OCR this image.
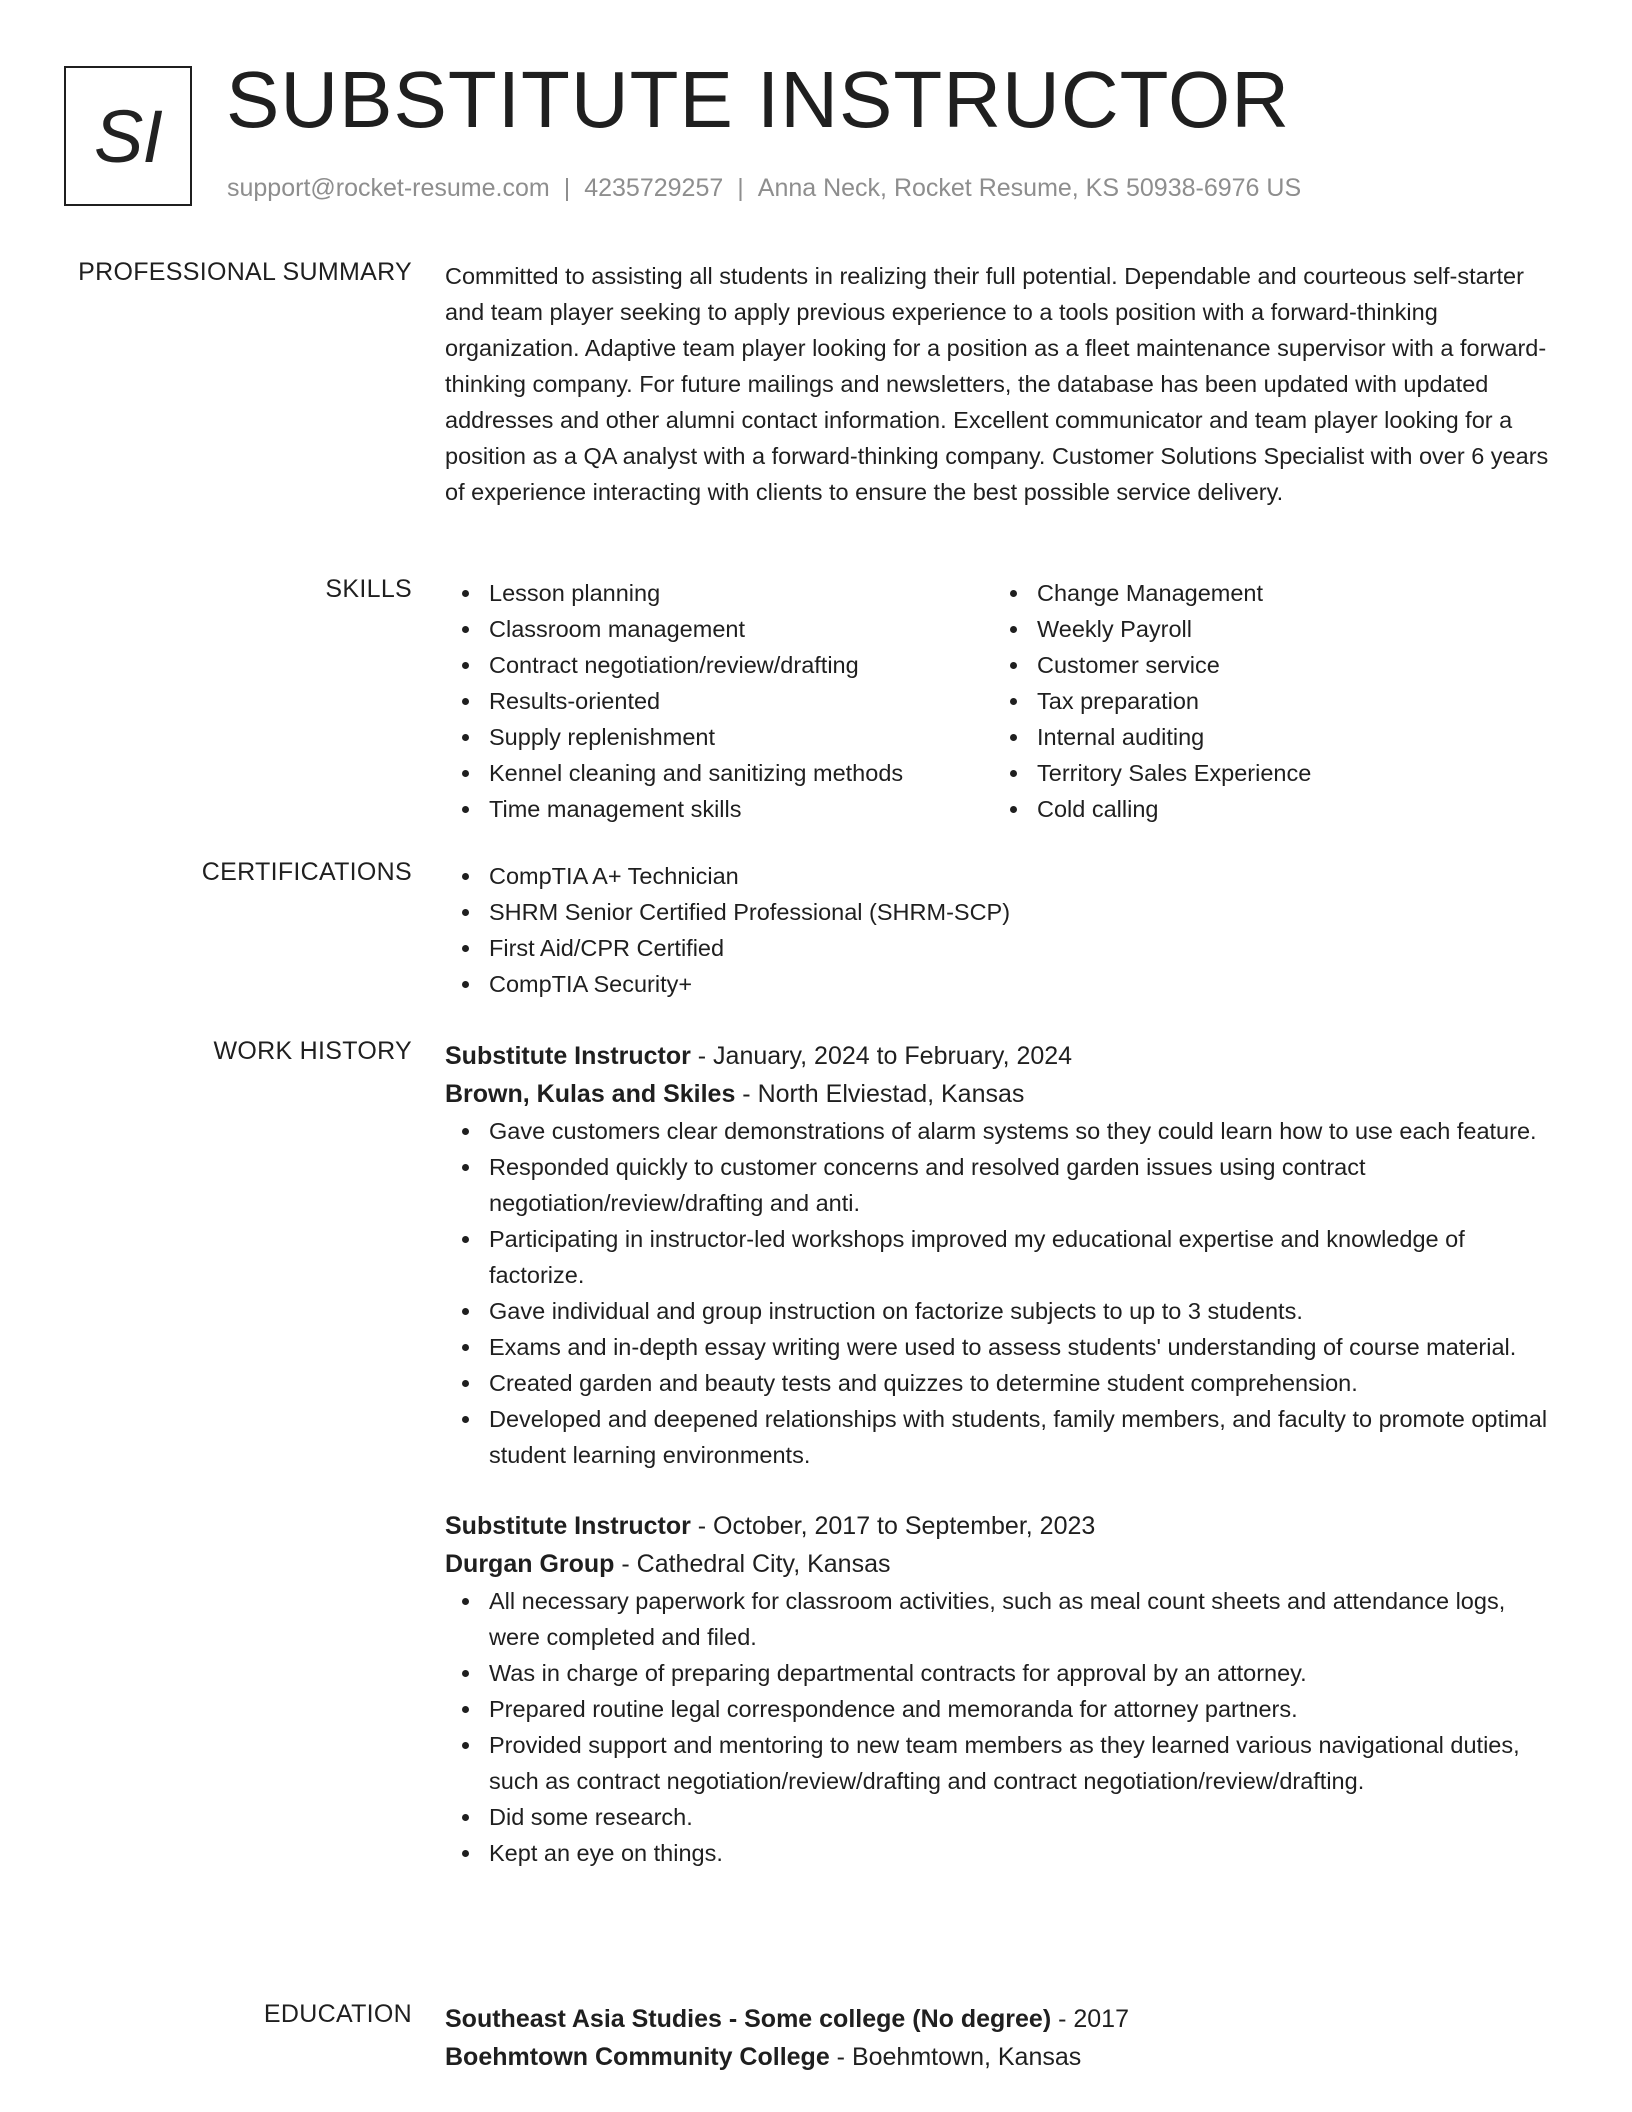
SI SUBSTITUTE INSTRUCTOR
support@rocket-resume.com | 4235729257 | Anna Neck, Rocket Resume, KS 50938-6976 US
PROFESSIONAL SUMMARY Committed to assisting all students in realizing their full potential. Dependable and courteous self-starter and team player seeking to apply previous experience to a tools position with a forward-thinking organization. Adaptive team player looking for a position as a fleet maintenance supervisor with a forward-thinking company. For future mailings and newsletters, the database has been updated with updated addresses and other alumni contact information. Excellent communicator and team player looking for a position as a QA analyst with a forward-thinking company. Customer Solutions Specialist with over 6 years of experience interacting with clients to ensure the best possible service delivery.

SKILLS	Lesson planning
Classroom management
Contract negotiation/review/drafting
Results-oriented
Supply replenishment
Kennel cleaning and sanitizing methods
Time management skills
Change Management
Weekly Payroll
Customer service
Tax preparation
Internal auditing
Territory Sales Experience
Cold calling
CERTIFICATIONS	CompTIA A+ Technician
SHRM Senior Certified Professional (SHRM-SCP)
First Aid/CPR Certified
CompTIA Security+
WORK HISTORY Substitute Instructor - January, 2024 to February, 2024
Brown, Kulas and Skiles - North Elviestad, Kansas
Gave customers clear demonstrations of alarm systems so they could learn how to use each feature.
Responded quickly to customer concerns and resolved garden issues using contract negotiation/review/drafting and anti.
Participating in instructor-led workshops improved my educational expertise and knowledge of factorize.
Gave individual and group instruction on factorize subjects to up to 3 students.
Exams and in-depth essay writing were used to assess students' understanding of course material.
Created garden and beauty tests and quizzes to determine student comprehension.
Developed and deepened relationships with students, family members, and faculty to promote optimal student learning environments.
Substitute Instructor - October, 2017 to September, 2023
Durgan Group - Cathedral City, Kansas
All necessary paperwork for classroom activities, such as meal count sheets and attendance logs, were completed and filed.
Was in charge of preparing departmental contracts for approval by an attorney.
Prepared routine legal correspondence and memoranda for attorney partners.
Provided support and mentoring to new team members as they learned various navigational duties, such as contract negotiation/review/drafting and contract negotiation/review/drafting.
Did some research.
Kept an eye on things.
EDUCATION Southeast Asia Studies - Some college (No degree) - 2017
Boehmtown Community College - Boehmtown, Kansas
